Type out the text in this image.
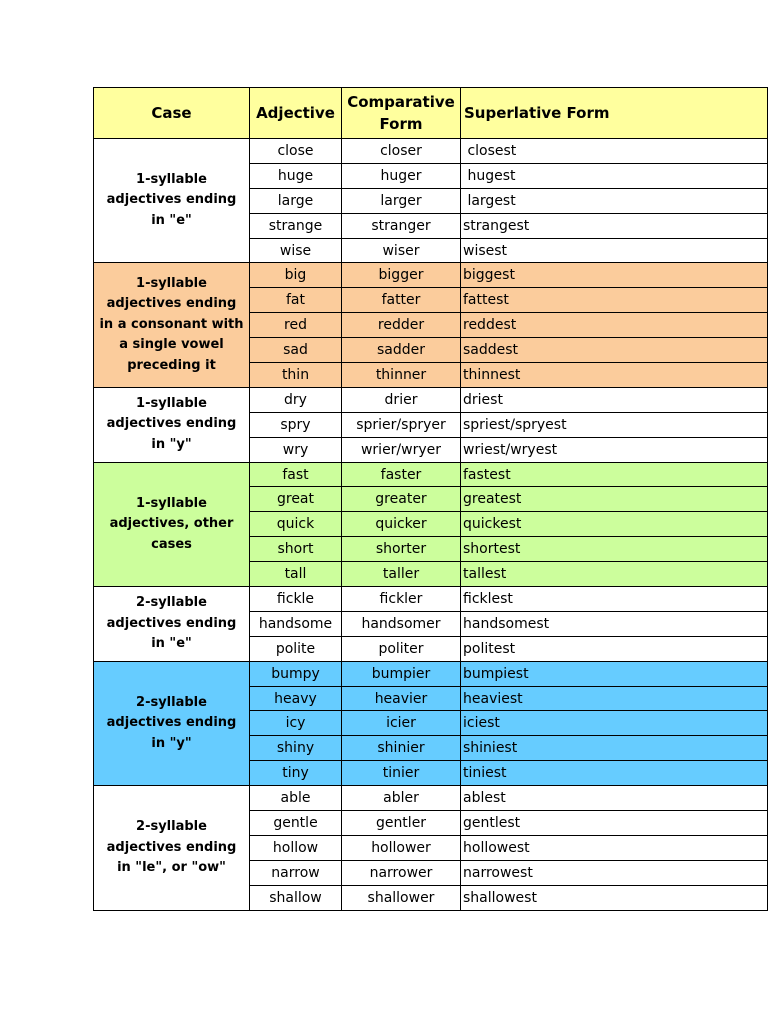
Case	Adjective	Comparative Form	Superlative Form
1-syllable adjectives ending in "e"	close	closer	closest
	huge	huger	hugest
	large	larger	largest
	strange	stranger	strangest
	wise	wiser	wisest
1-syllable adjectives ending in a consonant with a single vowel preceding it	big	bigger	biggest
	fat	fatter	fattest
	red	redder	reddest
	sad	sadder	saddest
	thin	thinner	thinnest
1-syllable adjectives ending in "y"	dry	drier	driest
	spry	sprier/spryer	spriest/spryest
	wry	wrier/wryer	wriest/wryest
1-syllable adjectives, other cases	fast	faster	fastest
	great	greater	greatest
	quick	quicker	quickest
	short	shorter	shortest
	tall	taller	tallest
2-syllable adjectives ending in "e"	fickle	fickler	ficklest
	handsome	handsomer	handsomest
	polite	politer	politest
2-syllable adjectives ending in "y"	bumpy	bumpier	bumpiest
	heavy	heavier	heaviest
	icy	icier	iciest
	shiny	shinier	shiniest
	tiny	tinier	tiniest
2-syllable adjectives ending in "le", or "ow"	able	abler	ablest
	gentle	gentler	gentlest
	hollow	hollower	hollowest
	narrow	narrower	narrowest
	shallow	shallower	shallowest
